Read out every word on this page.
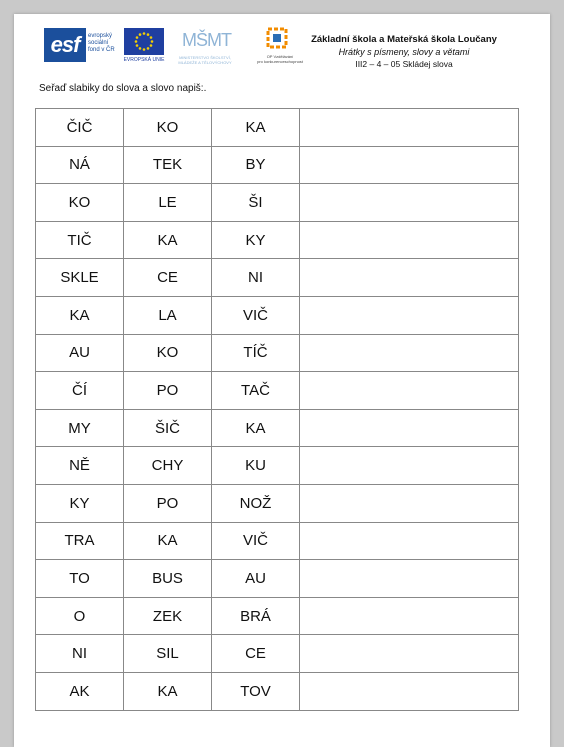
esf	evropský
sociální
fond v ČR
EVROPSKÁ UNIE
MŠMT
MINISTERSTVO ŠKOLSTVÍ,
MLÁDEŽE A TĚLOVÝCHOVY
OP Vzdělávání
pro konkurenceschopnost
Základní škola a Mateřská škola Loučany
Hrátky s písmeny, slovy a větami
III2 – 4 – 05 Skládej slova
Seřaď slabiky do slova a slovo napiš:.
ČIČ	KO	KA	
NÁ	TEK	BY	
KO	LE	ŠI	
TIČ	KA	KY	
SKLE	CE	NI	
KA	LA	VIČ	
AU	KO	TÍČ	
ČÍ	PO	TAČ	
MY	ŠIČ	KA	
NĚ	CHY	KU	
KY	PO	NOŽ	
TRA	KA	VIČ	
TO	BUS	AU	
O	ZEK	BRÁ	
NI	SIL	CE	
AK	KA	TOV	
